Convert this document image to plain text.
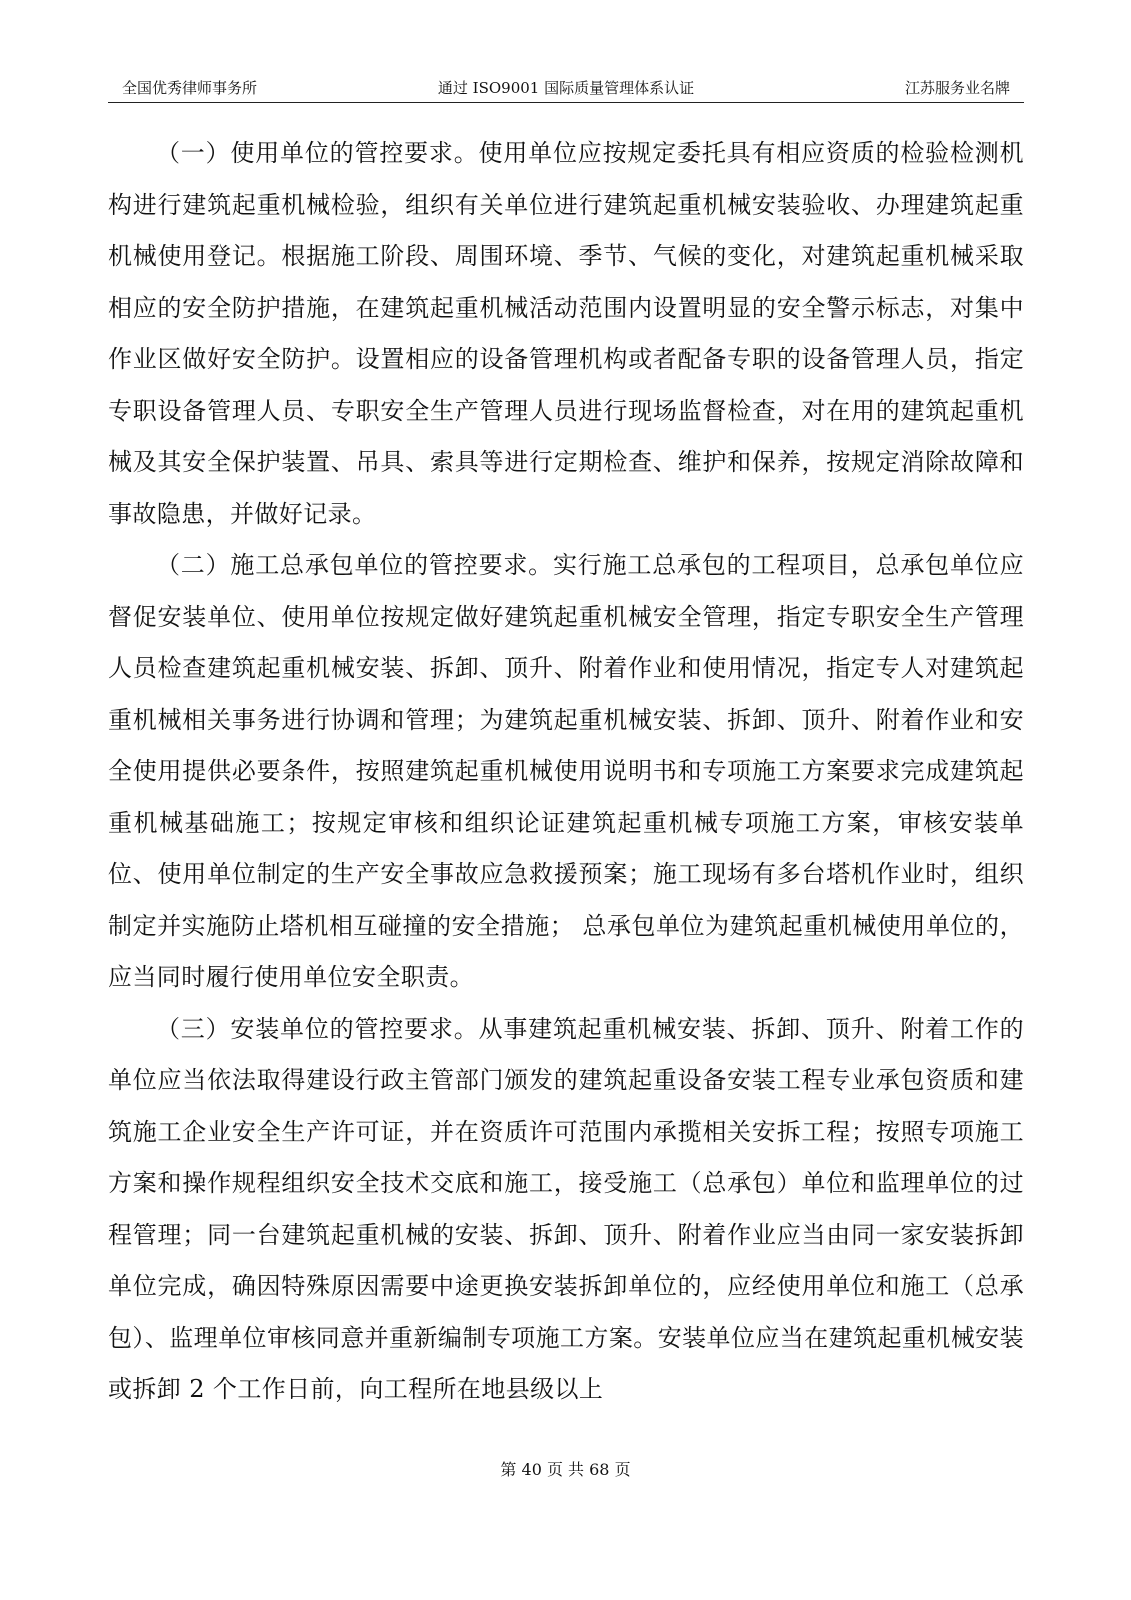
全国优秀律师事务所	通过 ISO9001 国际质量管理体系认证	江苏服务业名牌

（一）使用单位的管控要求。使用单位应按规定委托具有相应资质的检验检测机构进行建筑起重机械检验，组织有关单位进行建筑起重机械安装验收、办理建筑起重机械使用登记。根据施工阶段、周围环境、季节、气候的变化，对建筑起重机械采取相应的安全防护措施，在建筑起重机械活动范围内设置明显的安全警示标志，对集中作业区做好安全防护。设置相应的设备管理机构或者配备专职的设备管理人员，指定专职设备管理人员、专职安全生产管理人员进行现场监督检查，对在用的建筑起重机械及其安全保护装置、吊具、索具等进行定期检查、维护和保养，按规定消除故障和事故隐患，并做好记录。

（二）施工总承包单位的管控要求。实行施工总承包的工程项目，总承包单位应督促安装单位、使用单位按规定做好建筑起重机械安全管理，指定专职安全生产管理人员检查建筑起重机械安装、拆卸、顶升、附着作业和使用情况，指定专人对建筑起重机械相关事务进行协调和管理；为建筑起重机械安装、拆卸、顶升、附着作业和安全使用提供必要条件，按照建筑起重机械使用说明书和专项施工方案要求完成建筑起重机械基础施工；按规定审核和组织论证建筑起重机械专项施工方案，审核安装单位、使用单位制定的生产安全事故应急救援预案；施工现场有多台塔机作业时，组织制定并实施防止塔机相互碰撞的安全措施； 总承包单位为建筑起重机械使用单位的，应当同时履行使用单位安全职责。

（三）安装单位的管控要求。从事建筑起重机械安装、拆卸、顶升、附着工作的单位应当依法取得建设行政主管部门颁发的建筑起重设备安装工程专业承包资质和建筑施工企业安全生产许可证，并在资质许可范围内承揽相关安拆工程；按照专项施工方案和操作规程组织安全技术交底和施工，接受施工（总承包）单位和监理单位的过程管理；同一台建筑起重机械的安装、拆卸、顶升、附着作业应当由同一家安装拆卸单位完成，确因特殊原因需要中途更换安装拆卸单位的，应经使用单位和施工（总承包）、监理单位审核同意并重新编制专项施工方案。安装单位应当在建筑起重机械安装或拆卸 2 个工作日前，向工程所在地县级以上

第 40 页 共 68 页
